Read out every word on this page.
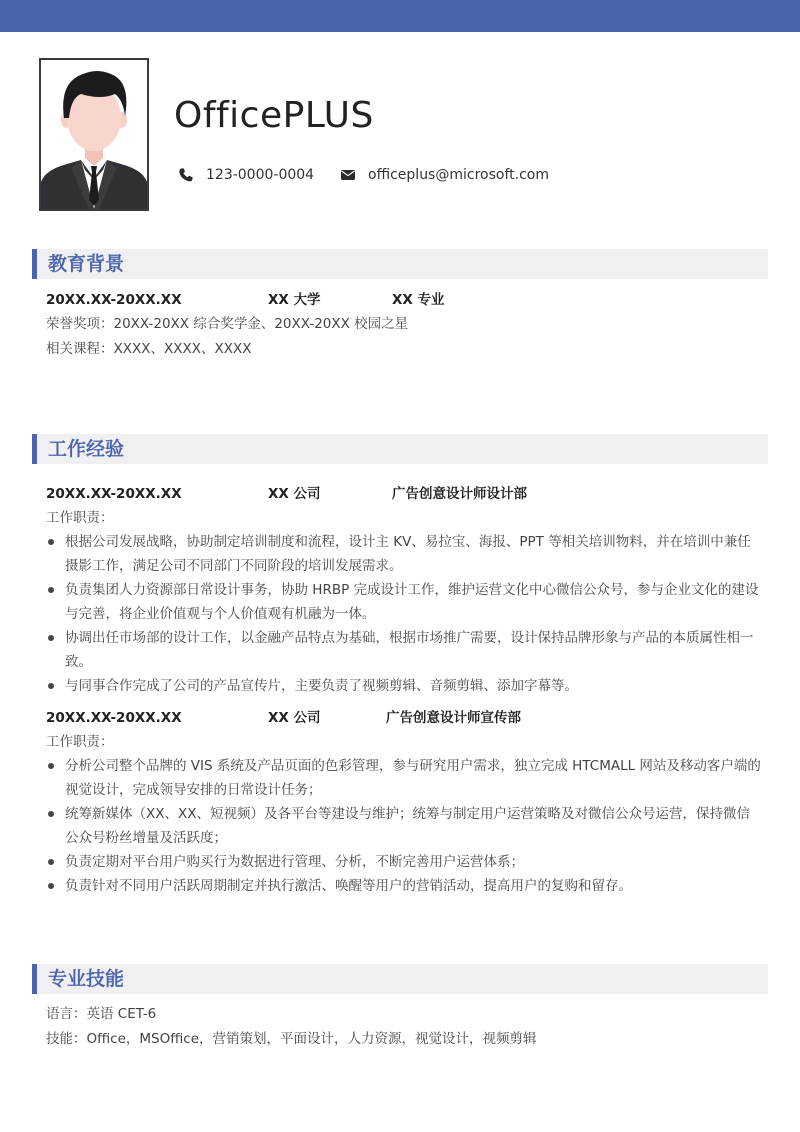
OfficePLUS
123-0000-0004	officeplus@microsoft.com
教育背景
20XX.XX-20XX.XX	XX 大学	XX 专业
荣誉奖项：20XX-20XX 综合奖学金、20XX-20XX 校园之星
相关课程：XXXX、XXXX、XXXX
工作经验
20XX.XX-20XX.XX	XX 公司	广告创意设计师设计部
工作职责：
根据公司发展战略，协助制定培训制度和流程，设计主 KV、易拉宝、海报、PPT 等相关培训物料，并在培训中兼任摄影工作，满足公司不同部门不同阶段的培训发展需求。
负责集团人力资源部日常设计事务，协助 HRBP 完成设计工作，维护运营文化中心微信公众号，参与企业文化的建设与完善，将企业价值观与个人价值观有机融为一体。
协调出任市场部的设计工作，以金融产品特点为基础，根据市场推广需要，设计保持品牌形象与产品的本质属性相一致。
与同事合作完成了公司的产品宣传片，主要负责了视频剪辑、音频剪辑、添加字幕等。
20XX.XX-20XX.XX	XX 公司	广告创意设计师宣传部
工作职责：
分析公司整个品牌的 VIS 系统及产品页面的色彩管理，参与研究用户需求，独立完成 HTCMALL 网站及移动客户端的视觉设计，完成领导安排的日常设计任务；
统筹新媒体（XX、XX、短视频）及各平台等建设与维护；统筹与制定用户运营策略及对微信公众号运营，保持微信公众号粉丝增量及活跃度；
负责定期对平台用户购买行为数据进行管理、分析，不断完善用户运营体系；
负责针对不同用户活跃周期制定并执行激活、唤醒等用户的营销活动，提高用户的复购和留存。
专业技能
语言：英语 CET-6
技能：Office，MSOffice，营销策划，平面设计，人力资源，视觉设计，视频剪辑
